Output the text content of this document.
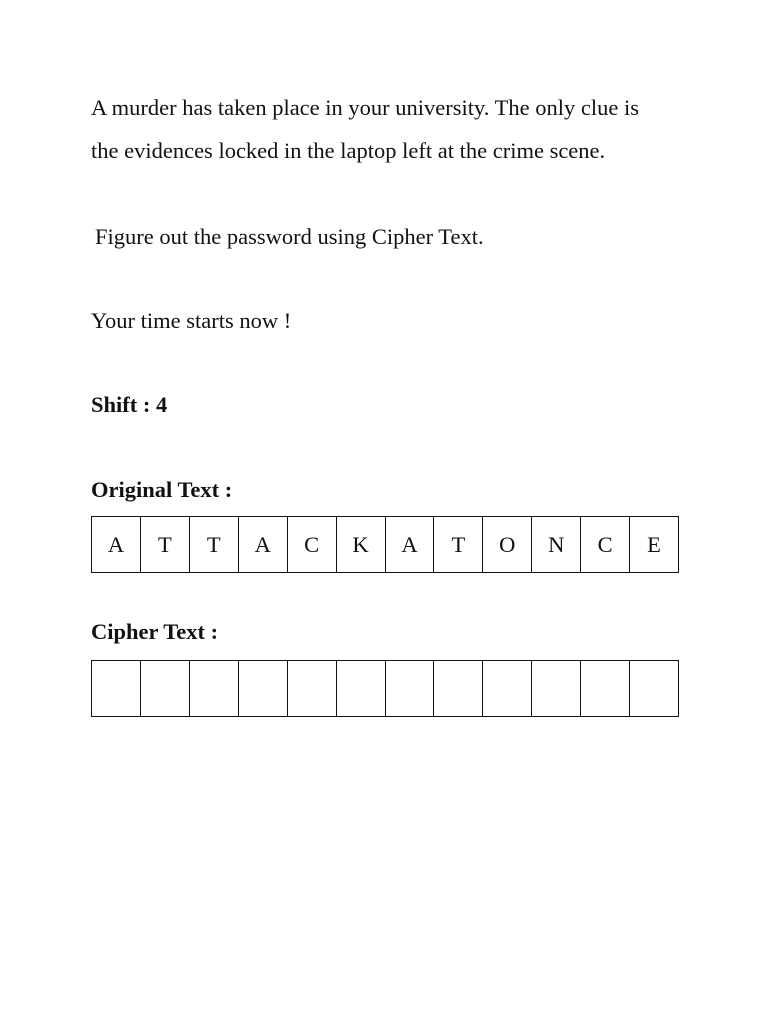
A murder has taken place in your university. The only clue is
the evidences locked in the laptop left at the crime scene.

Figure out the password using Cipher Text.

Your time starts now !

Shift : 4

Original Text :

A	T	T	A	C	K	A	T	O	N	C	E

Cipher Text :
